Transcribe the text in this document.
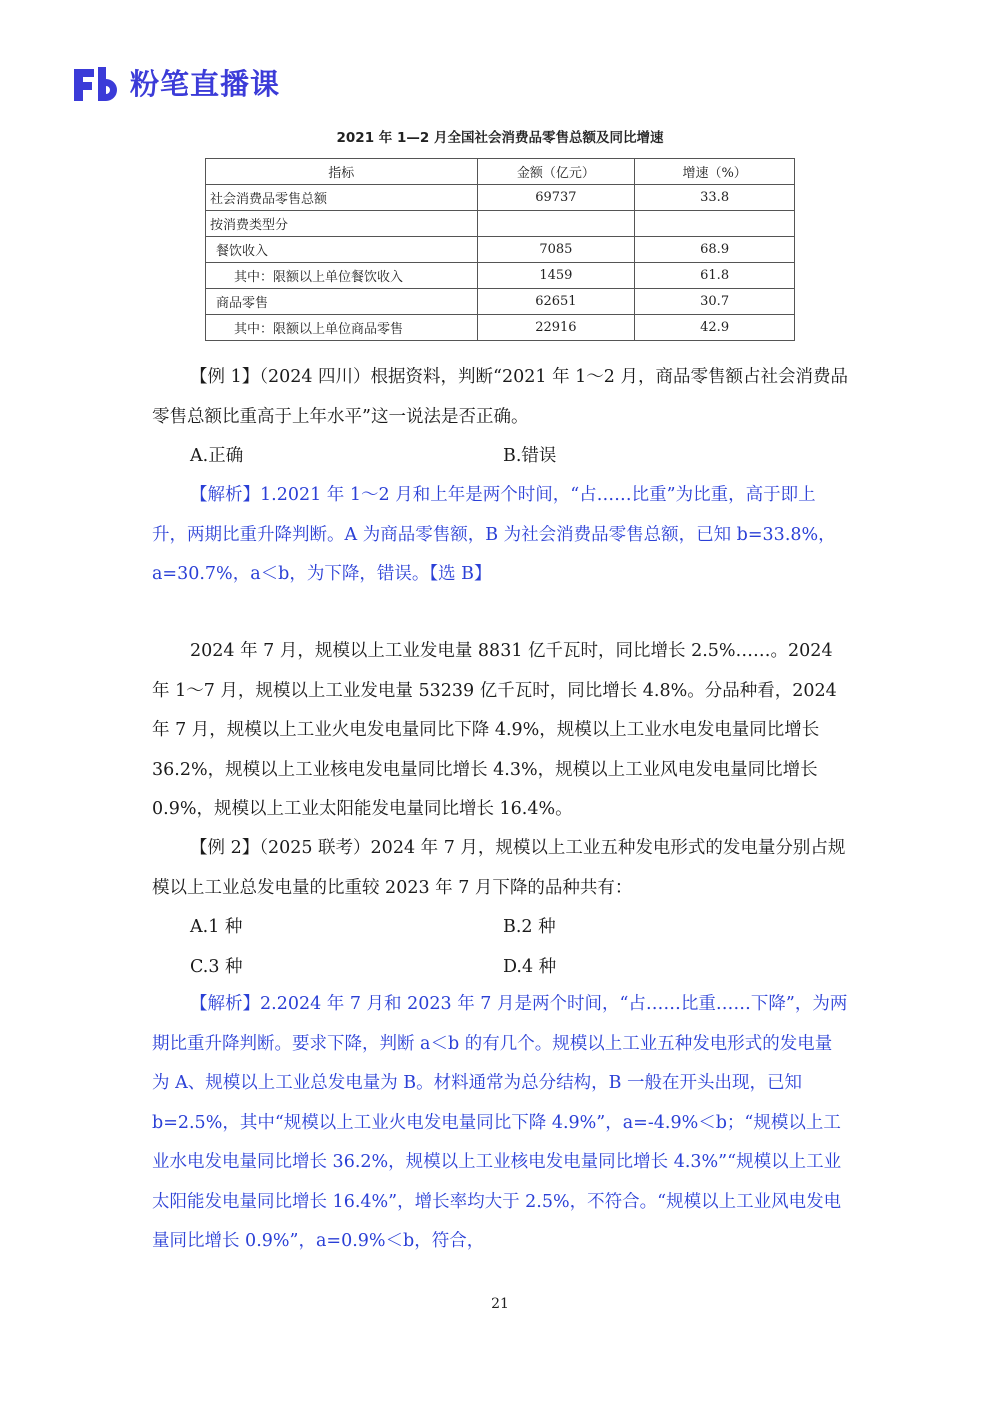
粉笔直播课
2021 年 1—2 月全国社会消费品零售总额及同比增速
指标	金额（亿元）	增速（%）
社会消费品零售总额	69737	33.8
按消费类型分		
餐饮收入	7085	68.9
其中：限额以上单位餐饮收入	1459	61.8
商品零售	62651	30.7
其中：限额以上单位商品零售	22916	42.9

【例 1】（2024 四川）根据资料，判断“2021 年 1～2 月，商品零售额占社会消费品零售总额比重高于上年水平”这一说法是否正确。

A.正确	B.错误

【解析】1.2021 年 1～2 月和上年是两个时间，“占……比重”为比重，高于即上升，两期比重升降判断。A 为商品零售额，B 为社会消费品零售总额，已知 b=33.8%，a=30.7%，a＜b，为下降，错误。【选 B】

2024 年 7 月，规模以上工业发电量 8831 亿千瓦时，同比增长 2.5%……。2024 年 1～7 月，规模以上工业发电量 53239 亿千瓦时，同比增长 4.8%。分品种看，2024 年 7 月，规模以上工业火电发电量同比下降 4.9%，规模以上工业水电发电量同比增长 36.2%，规模以上工业核电发电量同比增长 4.3%，规模以上工业风电发电量同比增长 0.9%，规模以上工业太阳能发电量同比增长 16.4%。

【例 2】（2025 联考）2024 年 7 月，规模以上工业五种发电形式的发电量分别占规模以上工业总发电量的比重较 2023 年 7 月下降的品种共有：

A.1 种	B.2 种
C.3 种	D.4 种

【解析】2.2024 年 7 月和 2023 年 7 月是两个时间，“占……比重……下降”，为两期比重升降判断。要求下降，判断 a＜b 的有几个。规模以上工业五种发电形式的发电量为 A、规模以上工业总发电量为 B。材料通常为总分结构，B 一般在开头出现，已知 b=2.5%，其中“规模以上工业火电发电量同比下降 4.9%”，a=-4.9%＜b；“规模以上工业水电发电量同比增长 36.2%，规模以上工业核电发电量同比增长 4.3%”“规模以上工业太阳能发电量同比增长 16.4%”，增长率均大于 2.5%，不符合。“规模以上工业风电发电量同比增长 0.9%”，a=0.9%＜b，符合，

21
